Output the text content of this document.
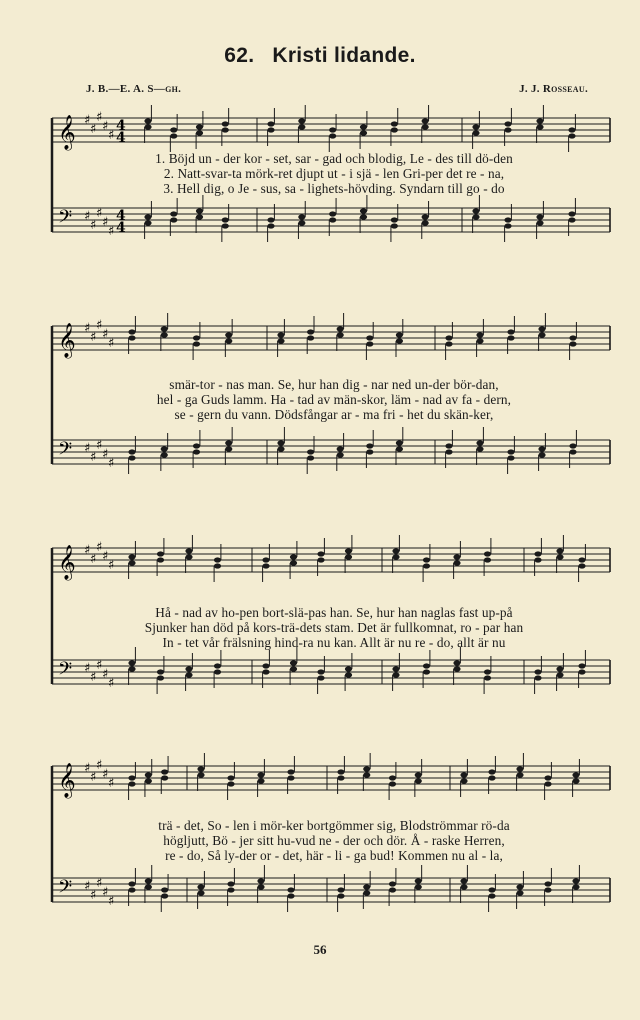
62. Kristi lidande.
J. B.—E. A. S—gh.	J. J. Rosseau.
𝄞
𝄢
♯
♯
♯
♯
♯
♯
♯
♯
♯
♯
4
4
4
4
1. Böjd un - der kor - set, sar - gad och blodig, Le - des till dö-den
2. Natt-svar-ta mörk-ret djupt ut - i sjä - len Gri-per det re - na,
3. Hell dig, o Je - sus, sa - lighets-hövding. Syndarn till go - do
𝄞
𝄢
♯
♯
♯
♯
♯
♯
♯
♯
♯
♯
smär-tor - nas man. Se, hur han dig - nar ned un-der bör-dan,
hel - ga Guds lamm. Ha - tad av män-skor, läm - nad av fa - dern,
se - gern du vann. Dödsfångar ar - ma fri - het du skän-ker,
𝄞
𝄢
♯
♯
♯
♯
♯
♯
♯
♯
♯
♯
Hå - nad av ho-pen bort-slä-pas han. Se, hur han naglas fast up-på
Sjunker han död på kors-trä-dets stam. Det är fullkomnat, ro - par han
In - tet vår frälsning hind-ra nu kan. Allt är nu re - do, allt är nu
𝄞
𝄢
♯
♯
♯
♯
♯
♯
♯
♯
♯
♯
trä - det, So - len i mör-ker bortgömmer sig, Blodströmmar rö-da
höglјutt, Bö - jer sitt hu-vud ne - der och dör. Å - raske Herren,
re - do, Så ly-der or - det, här - li - ga bud! Kommen nu al - la,
56
